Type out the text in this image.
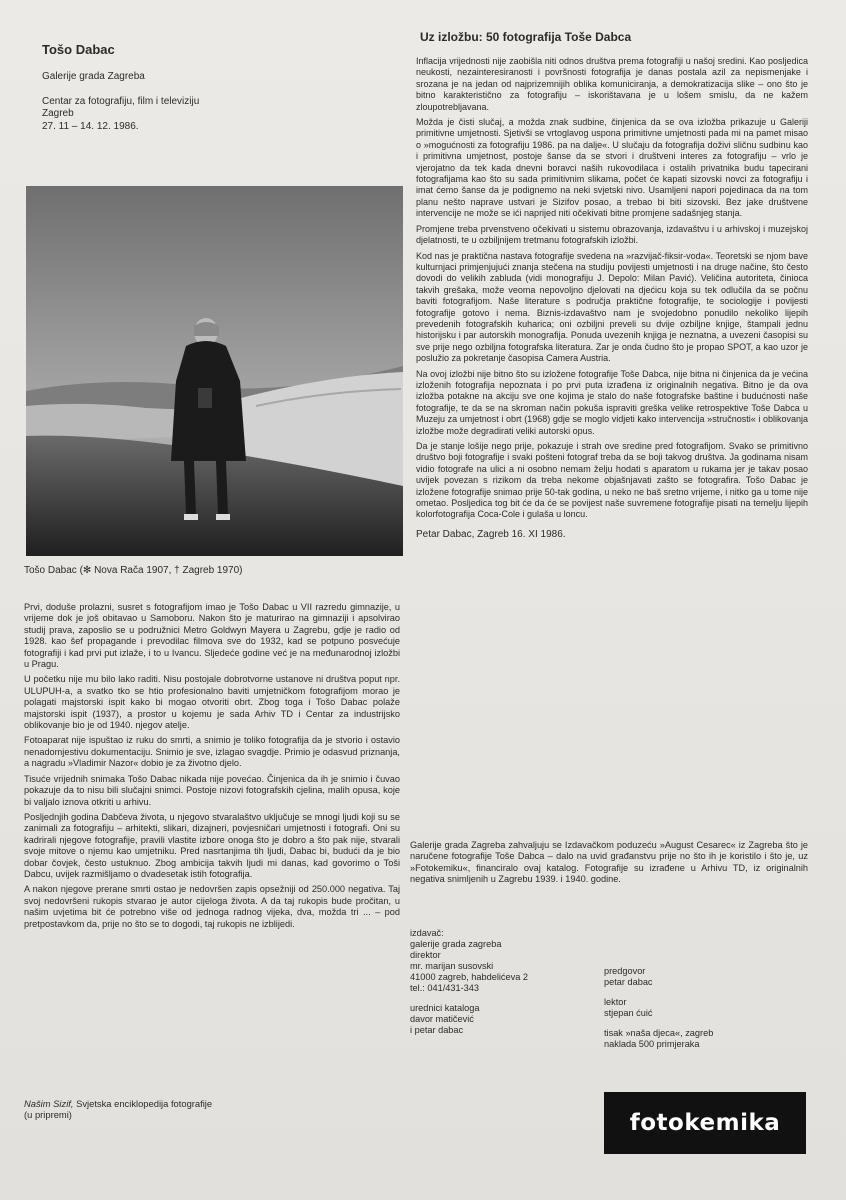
Tošo Dabac

Galerije grada Zagreba

Centar za fotografiju, film i televiziju
Zagreb
27. 11 – 14. 12. 1986.

Tošo Dabac (✻ Nova Rača 1907, † Zagreb 1970)

Prvi, doduše prolazni, susret s fotografijom imao je Tošo Dabac u VII razredu gimnazije, u vrijeme dok je još obitavao u Samoboru. Nakon što je maturirao na gimnaziji i apsolvirao studij prava, zaposlio se u podružnici Metro Goldwyn Mayera u Zagrebu, gdje je radio od 1928. kao šef propagande i prevodilac filmova sve do 1932, kad se potpuno posvećuje fotografiji i kad prvi put izlaže, i to u Ivancu. Sljedeće godine već je na međunarodnoj izložbi u Pragu.

U početku nije mu bilo lako raditi. Nisu postojale dobrotvorne ustanove ni društva poput npr. ULUPUH-a, a svatko tko se htio profesionalno baviti umjetničkom fotografijom morao je polagati majstorski ispit kako bi mogao otvoriti obrt. Zbog toga i Tošo Dabac polaže majstorski ispit (1937), a prostor u kojemu je sada Arhiv TD i Centar za industrijsko oblikovanje bio je od 1940. njegov atelje.

Fotoaparat nije ispuštao iz ruku do smrti, a snimio je toliko fotografija da je stvorio i ostavio nenadomjestivu dokumentaciju. Snimio je sve, izlagao svagdje. Primio je odasvud priznanja, a nagradu »Vladimir Nazor« dobio je za životno djelo.

Tisuće vrijednih snimaka Tošo Dabac nikada nije povećao. Činjenica da ih je snimio i čuvao pokazuje da to nisu bili slučajni snimci. Postoje nizovi fotografskih cjelina, malih opusa, koje bi valjalo iznova otkriti u arhivu.

Posljednjih godina Dabčeva života, u njegovo stvaralaštvo uključuje se mnogi ljudi koji su se zanimali za fotografiju – arhitekti, slikari, dizajneri, povjesničari umjetnosti i fotografi. Oni su kadrirali njegove fotografije, pravili vlastite izbore onoga što je dobro a što pak nije, stvarali svoje mitove o njemu kao umjetniku. Pred nasrtanjima tih ljudi, Dabac bi, budući da je bio dobar čovjek, često ustuknuo. Zbog ambicija takvih ljudi mi danas, kad govorimo o Toši Dabcu, uvijek razmišljamo o dvadesetak istih fotografija.

A nakon njegove prerane smrti ostao je nedovršen zapis opsežniji od 250.000 negativa. Taj svoj nedovršeni rukopis stvarao je autor cijeloga života. A da taj rukopis bude pročitan, u našim uvjetima bit će potrebno više od jednoga radnog vijeka, dva, možda tri ... – pod pretpostavkom da, prije no što se to dogodi, taj rukopis ne izblijedi.

Našim Sizif, Svjetska enciklopedija fotografije
(u pripremi)

Uz izložbu: 50 fotografija Toše Dabca

Inflacija vrijednosti nije zaobišla niti odnos društva prema fotografiji u našoj sredini. Kao posljedica neukosti, nezainteresiranosti i površnosti fotografija je danas postala azil za nepismenjake i srozana je na jedan od najprizemnijih oblika komuniciranja, a demokratizacija slike – ono što je bitno karakteristično za fotografiju – iskorištavana je u lošem smislu, da ne kažem zloupotrebljavana.

Možda je čisti slučaj, a možda znak sudbine, činjenica da se ova izložba prikazuje u Galeriji primitivne umjetnosti. Sjetivši se vrtoglavog uspona primitivne umjetnosti pada mi na pamet misao o »mogućnosti za fotografiju 1986. pa na dalje«. U slučaju da fotografija doživi sličnu sudbinu kao i primitivna umjetnost, postoje šanse da se stvori i društveni interes za fotografiju – vrlo je vjerojatno da tek kada dnevni boravci naših rukovodilaca i ostalih privatnika budu tapecirani fotografijama kao što su sada primitivnim slikama, počet će kapati sizovski novci za fotografiju i imat ćemo šanse da je podignemo na neki svjetski nivo. Usamljeni napori pojedinaca da na tom planu nešto naprave ustvari je Sizifov posao, a trebao bi biti sizovski. Bez jake društvene intervencije ne može se ići naprijed niti očekivati bitne promjene sadašnjeg stanja.

Promjene treba prvenstveno očekivati u sistemu obrazovanja, izdavaštvu i u arhivskoj i muzejskoj djelatnosti, te u ozbiljnijem tretmanu fotografskih izložbi.

Kod nas je praktična nastava fotografije svedena na »razvijač-fiksir-voda«. Teoretski se njom bave kulturnjaci primjenjujući znanja stečena na studiju povijesti umjetnosti i na druge načine, što često dovodi do velikih zabluda (vidi monografiju J. Depolo: Milan Pavić). Veličina autoriteta, činioca takvih grešaka, može veoma nepovoljno djelovati na djećicu koja su tek odlučila da se počnu baviti fotografijom. Naše literature s područja praktične fotografije, te sociologije i povijesti fotografije gotovo i nema. Biznis-izdavaštvo nam je svojedobno ponudilo nekoliko lijepih prevedenih fotografskih kuharica; oni ozbiljni preveli su dvije ozbiljne knjige, štampali jednu historijsku i par autorskih monografija. Ponuda uvezenih knjiga je neznatna, a uvezeni časopisi su sve prije nego ozbiljna fotografska literatura. Zar je onda čudno što je propao SPOT, a kao uzor je poslužio za pokretanje časopisa Camera Austria.

Na ovoj izložbi nije bitno što su izložene fotografije Toše Dabca, nije bitna ni činjenica da je većina izloženih fotografija nepoznata i po prvi puta izrađena iz originalnih negativa. Bitno je da ova izložba potakne na akciju sve one kojima je stalo do naše fotografske baštine i budućnosti naše fotografije, te da se na skroman način pokuša ispraviti greška velike retrospektive Toše Dabca u Muzeju za umjetnost i obrt (1968) gdje se moglo vidjeti kako intervencija »stručnosti« i oblikovanja izložbe može degradirati veliki autorski opus.

Da je stanje lošije nego prije, pokazuje i strah ove sredine pred fotografijom. Svako se primitivno društvo boji fotografije i svaki pošteni fotograf treba da se boji takvog društva. Ja godinama nisam vidio fotografe na ulici a ni osobno nemam želju hodati s aparatom u rukama jer je takav posao uvijek povezan s rizikom da treba nekome objašnjavati zašto se fotografira. Tošo Dabac je izložene fotografije snimao prije 50-tak godina, u neko ne baš sretno vrijeme, i nitko ga u tome nije ometao. Posljedica tog bit će da će se povijest naše suvremene fotografije pisati na temelju lijepih kolorfotografija Coca-Cole i gulaša u loncu.

Petar Dabac, Zagreb 16. XI 1986.

Galerije grada Zagreba zahvaljuju se Izdavačkom poduzeću »August Cesarec« iz Zagreba što je naručene fotografije Toše Dabca – dalo na uvid građanstvu prije no što ih je koristilo i što je, uz »Fotokemiku«, financiralo ovaj katalog. Fotografije su izrađene u Arhivu TD, iz originalnih negativa snimljenih u Zagrebu 1939. i 1940. godine.

izdavač:

galerije grada zagreba

direktor

mr. marijan susovski

41000 zagreb, habdelićeva 2

tel.: 041/431-343

urednici kataloga

davor matičević

i petar dabac

predgovor

petar dabac

lektor

stjepan ćuić

tisak »naša djeca«, zagreb

naklada 500 primjeraka

fotokemika
